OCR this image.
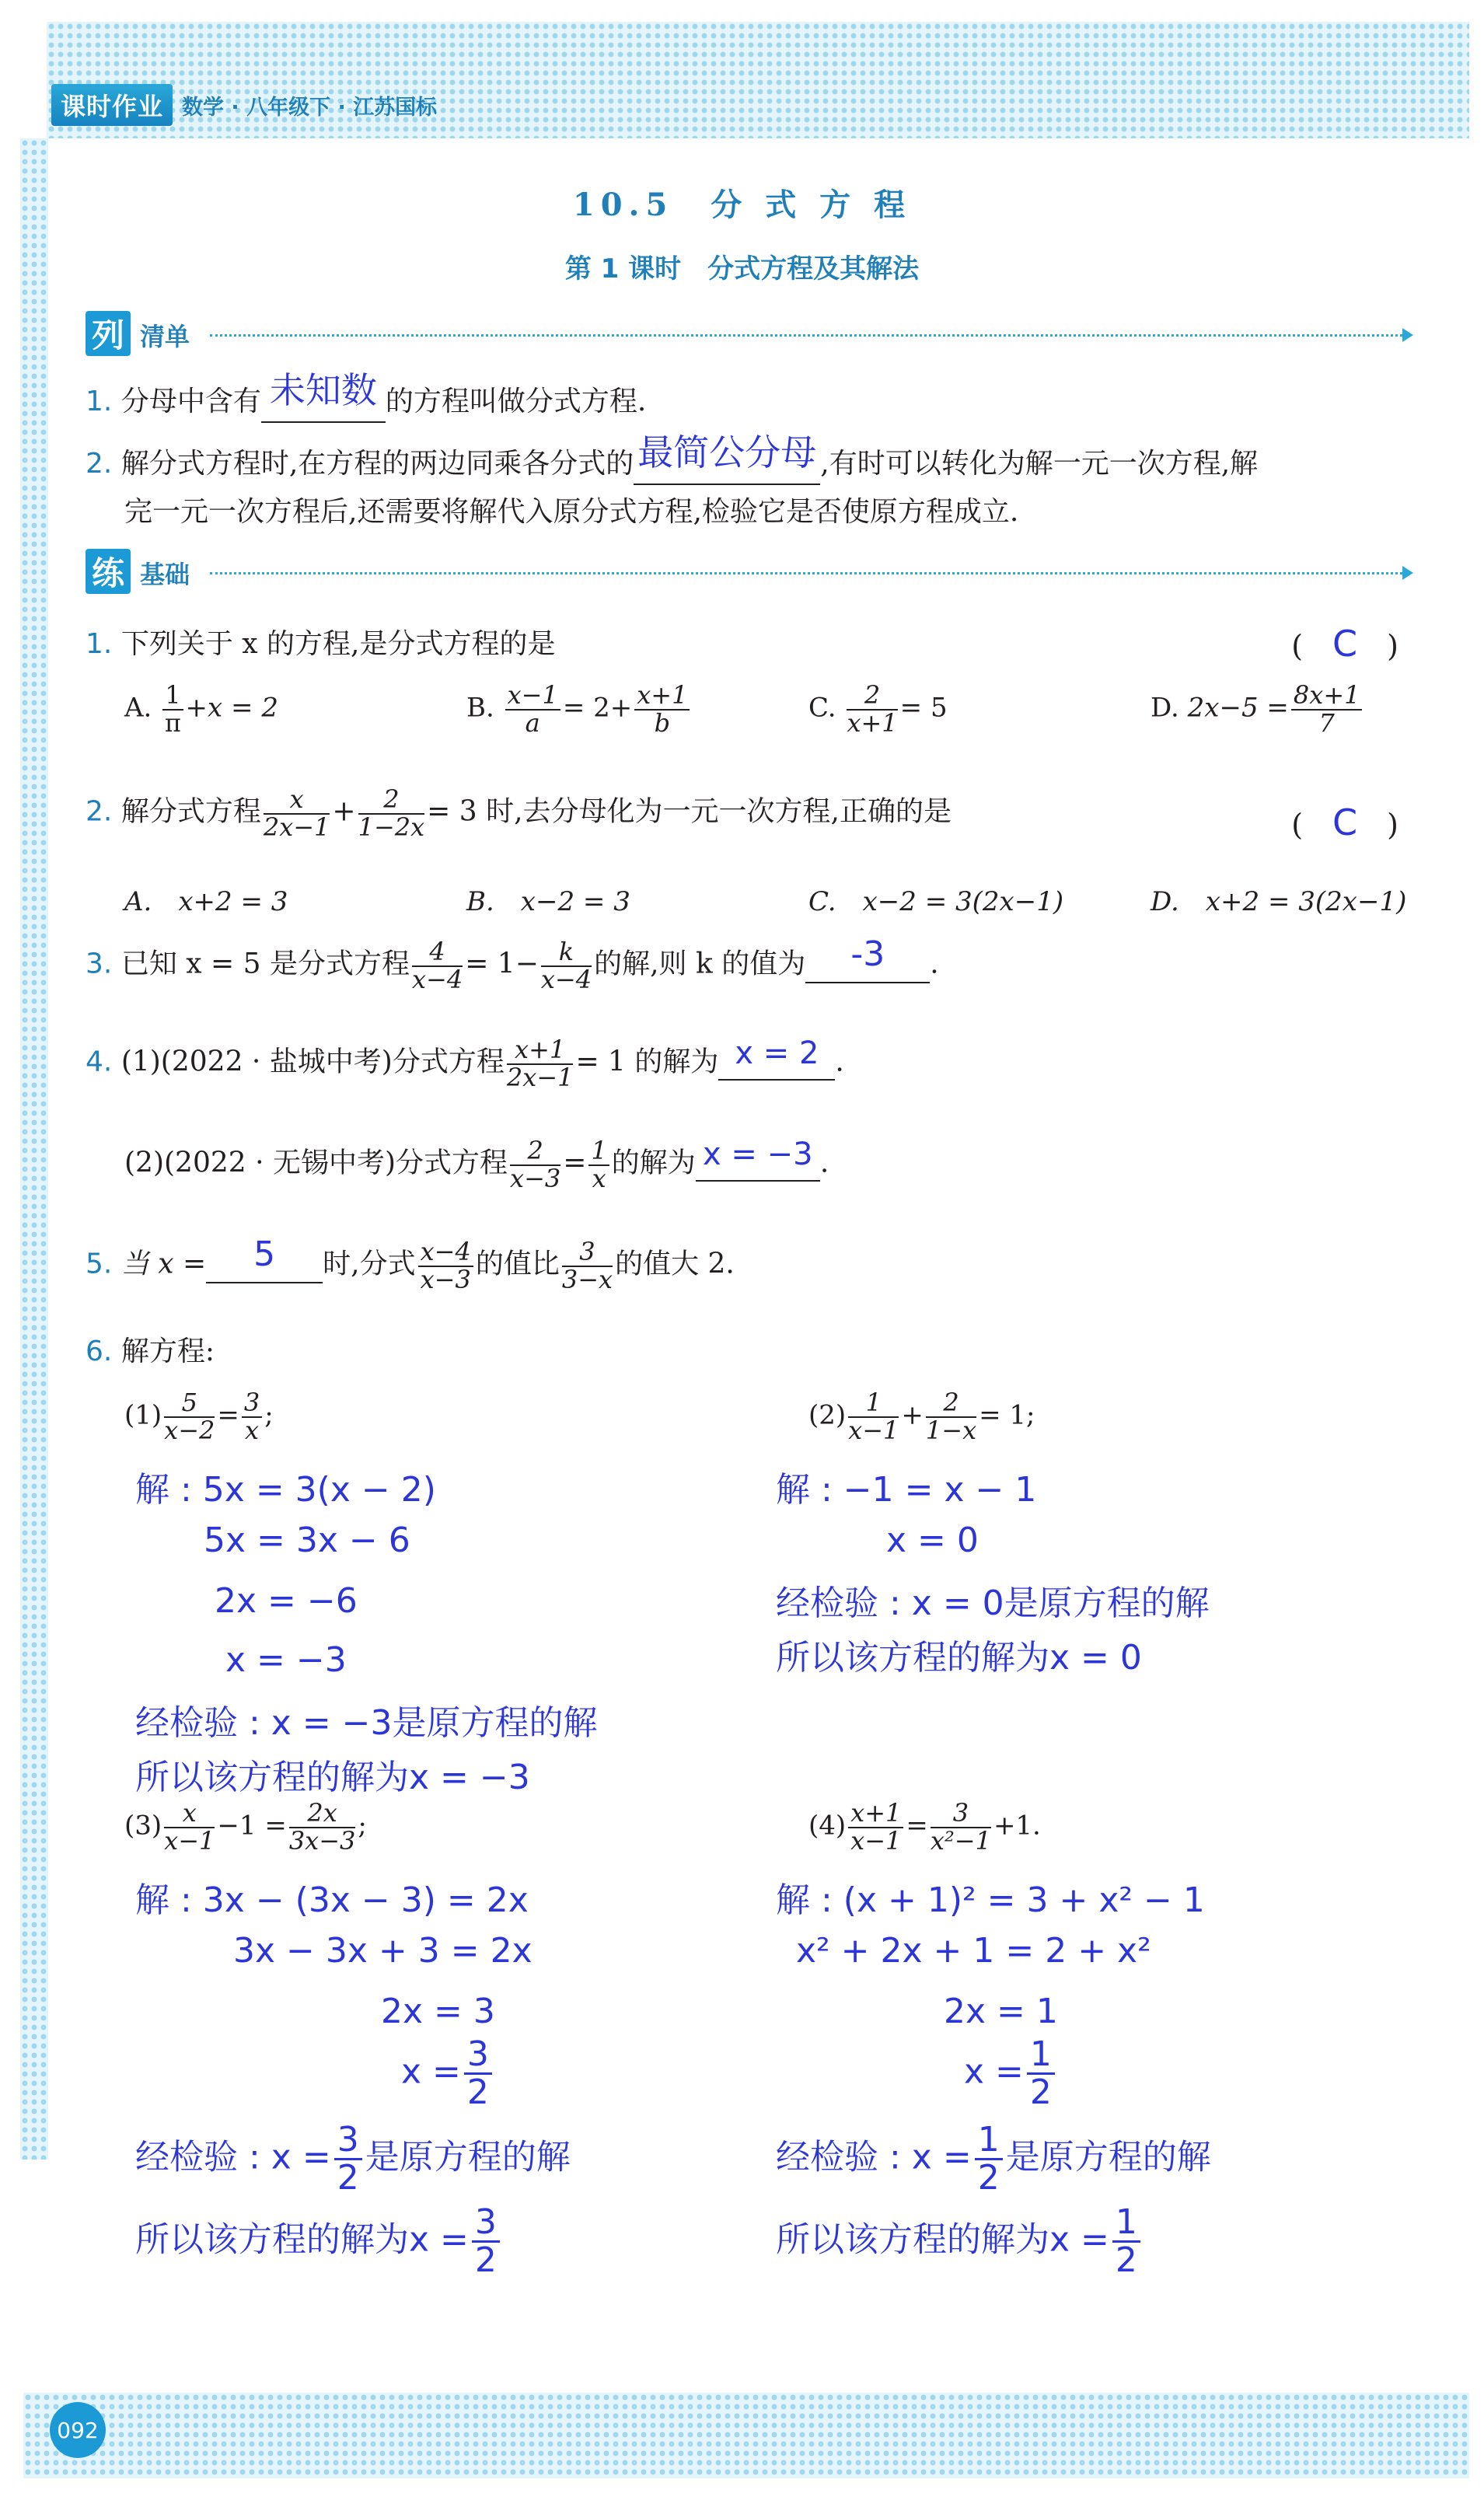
课时作业 数学 · 八年级下 · 江苏国标
10.5　分 式 方 程
第 1 课时　分式方程及其解法
列 清单
1. 分母中含有 未知数 的方程叫做分式方程.
2. 解分式方程时,在方程的两边同乘各分式的 最简公分母 ,有时可以转化为解一元一次方程,解
完一元一次方程后,还需要将解代入原分式方程,检验它是否使原方程成立.
练 基础
1. 下列关于 x 的方程,是分式方程的是	(　C　)
A. $\frac{1}{\pi} +x = 2$	B. $\frac{x-1}{a} = 2+ \frac{x+1}{b}$	C. $\frac{2}{x+1} = 5$	D. $2x-5 = \frac{8x+1}{7}$
2. 解分式方程 $\frac{x}{2x-1} + \frac{2}{1-2x} = 3$ 时,去分母化为一元一次方程,正确的是	(　C　)
A.　x+2 = 3	B.　x−2 = 3	C.　x−2 = 3(2x−1)	D.　x+2 = 3(2x−1)
3. 已知 x = 5 是分式方程 $\frac{4}{x-4} = 1- \frac{k}{x-4}$ 的解,则 k 的值为 -3 .
4. (1)(2022 · 盐城中考)分式方程 $\frac{x+1}{2x-1} = 1$ 的解为 x = 2 .
(2)(2022 · 无锡中考)分式方程 $\frac{2}{x-3} = \frac{1}{x}$ 的解为 x = −3 .
5. 当 x = 5 时,分式 $\frac{x-4}{x-3}$ 的值比 $\frac{3}{3-x}$ 的值大 2.
6. 解方程:
$(1) \frac{5}{x-2} = \frac{3}{x}$ ;
解 : 5x = 3(x − 2)
5x = 3x − 6
2x = −6
x = −3
经检验 : x = −3是原方程的解
所以该方程的解为x = −3
$(2) \frac{1}{x-1} + \frac{2}{1-x} = 1$;
解 : −1 = x − 1
x = 0
经检验 : x = 0是原方程的解
所以该方程的解为x = 0
$(3) \frac{x}{x-1} -1 = \frac{2x}{3x-3}$ ;
解 : 3x − (3x − 3) = 2x
3x − 3x + 3 = 2x
2x = 3
$x = \frac{3}{2}$
经检验 : $x = \frac{3}{2}$ 是原方程的解
所以该方程的解为$x = \frac{3}{2}$
$(4) \frac{x+1}{x-1} = \frac{3}{\text{x²−1}} +1$.
解 : (x + 1)² = 3 + x² − 1
x² + 2x + 1 = 2 + x²
2x = 1
$x = \frac{1}{2}$
经检验 : $x = \frac{1}{2}$ 是原方程的解
所以该方程的解为$x = \frac{1}{2}$
092
